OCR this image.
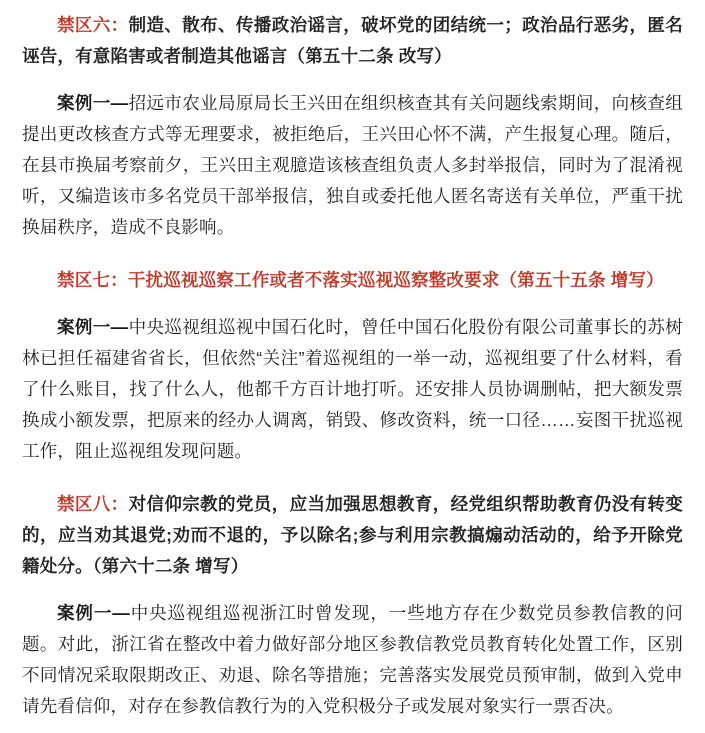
禁区六：制造、散布、传播政治谣言，破坏党的团结统一；政治品行恶劣，匿名诬告，有意陷害或者制造其他谣言（第五十二条 改写）

案例一—招远市农业局原局长王兴田在组织核查其有关问题线索期间，向核查组提出更改核查方式等无理要求，被拒绝后，王兴田心怀不满，产生报复心理。随后，在县市换届考察前夕，王兴田主观臆造该核查组负责人多封举报信，同时为了混淆视听，又编造该市多名党员干部举报信，独自或委托他人匿名寄送有关单位，严重干扰换届秩序，造成不良影响。

禁区七：干扰巡视巡察工作或者不落实巡视巡察整改要求（第五十五条 增写）

案例一—中央巡视组巡视中国石化时，曾任中国石化股份有限公司董事长的苏树林已担任福建省省长，但依然“关注”着巡视组的一举一动，巡视组要了什么材料，看了什么账目，找了什么人，他都千方百计地打听。还安排人员协调删帖，把大额发票换成小额发票，把原来的经办人调离，销毁、修改资料，统一口径……妄图干扰巡视工作，阻止巡视组发现问题。

禁区八：对信仰宗教的党员，应当加强思想教育，经党组织帮助教育仍没有转变的，应当劝其退党;劝而不退的，予以除名;参与利用宗教搞煽动活动的，给予开除党籍处分。（第六十二条 增写）

案例一—中央巡视组巡视浙江时曾发现，一些地方存在少数党员参教信教的问题。对此，浙江省在整改中着力做好部分地区参教信教党员教育转化处置工作，区别不同情况采取限期改正、劝退、除名等措施；完善落实发展党员预审制，做到入党申请先看信仰，对存在参教信教行为的入党积极分子或发展对象实行一票否决。
